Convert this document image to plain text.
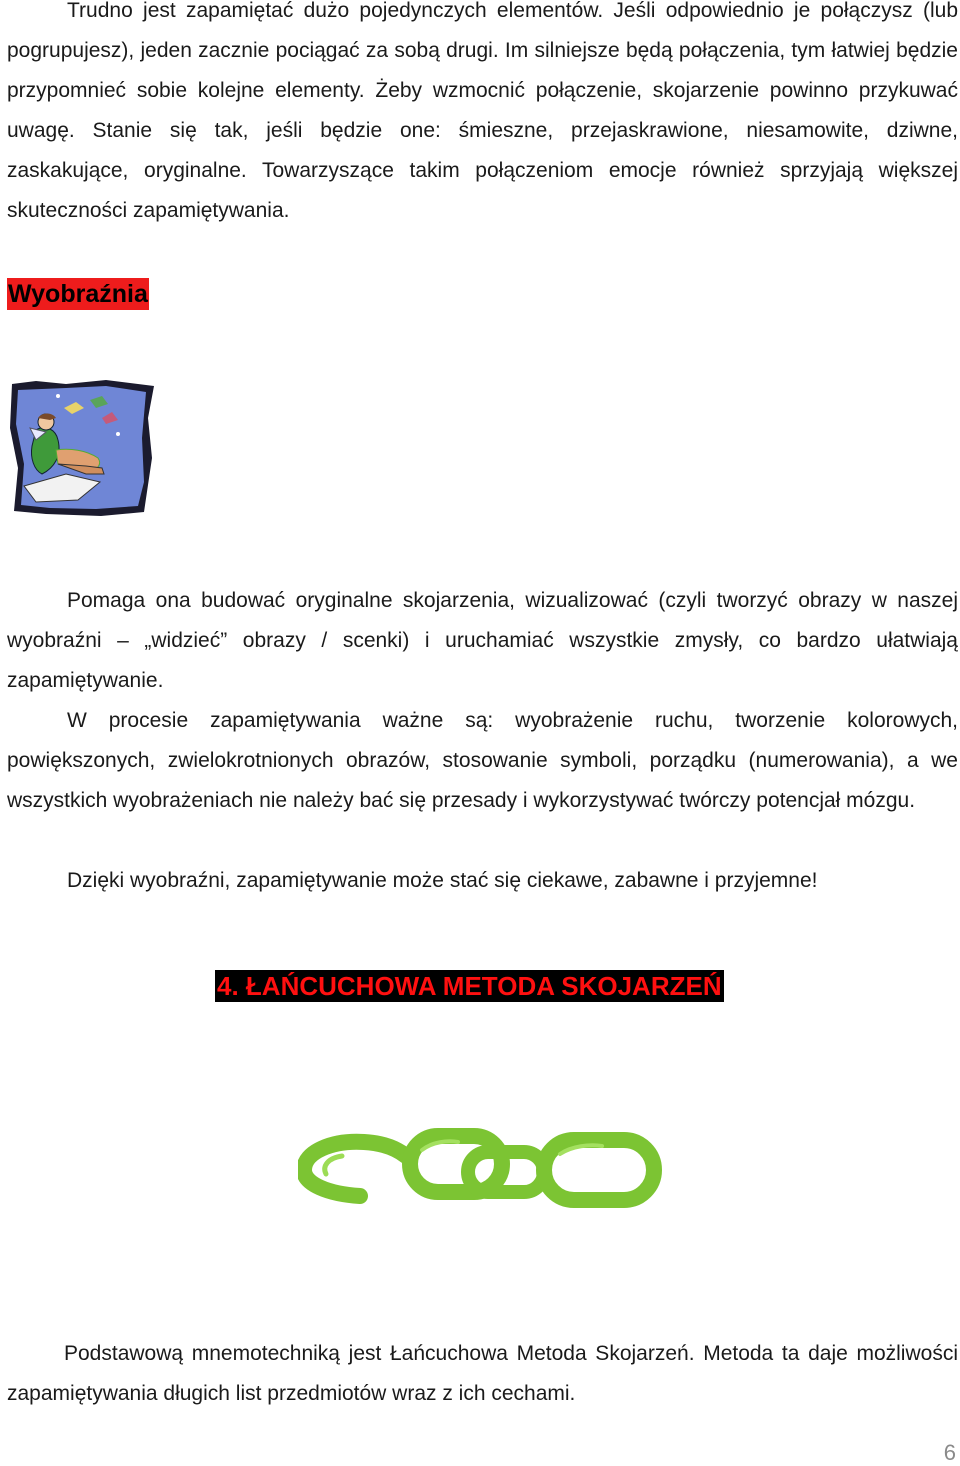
Trudno jest zapamiętać dużo pojedynczych elementów. Jeśli odpowiednio je połączysz (lub pogrupujesz), jeden zacznie pociągać za sobą drugi. Im silniejsze będą połączenia, tym łatwiej będzie przypomnieć sobie kolejne elementy. Żeby wzmocnić połączenie, skojarzenie powinno przykuwać uwagę. Stanie się tak, jeśli będzie one: śmieszne, przejaskrawione, niesamowite, dziwne, zaskakujące, oryginalne. Towarzyszące takim połączeniom emocje również sprzyjają większej skuteczności zapamiętywania.

Wyobraźnia

Pomaga ona budować oryginalne skojarzenia, wizualizować (czyli tworzyć obrazy w naszej wyobraźni – „widzieć” obrazy / scenki) i uruchamiać wszystkie zmysły, co bardzo ułatwiają zapamiętywanie.

W procesie zapamiętywania ważne są: wyobrażenie ruchu, tworzenie kolorowych, powiększonych, zwielokrotnionych obrazów, stosowanie symboli, porządku (numerowania), a we wszystkich wyobrażeniach nie należy bać się przesady i wykorzystywać twórczy potencjał mózgu.

Dzięki wyobraźni, zapamiętywanie może stać się ciekawe, zabawne i przyjemne!

4. ŁAŃCUCHOWA METODA SKOJARZEŃ

Podstawową mnemotechniką jest Łańcuchowa Metoda Skojarzeń. Metoda ta daje możliwości zapamiętywania długich list przedmiotów wraz z ich cechami.

6
